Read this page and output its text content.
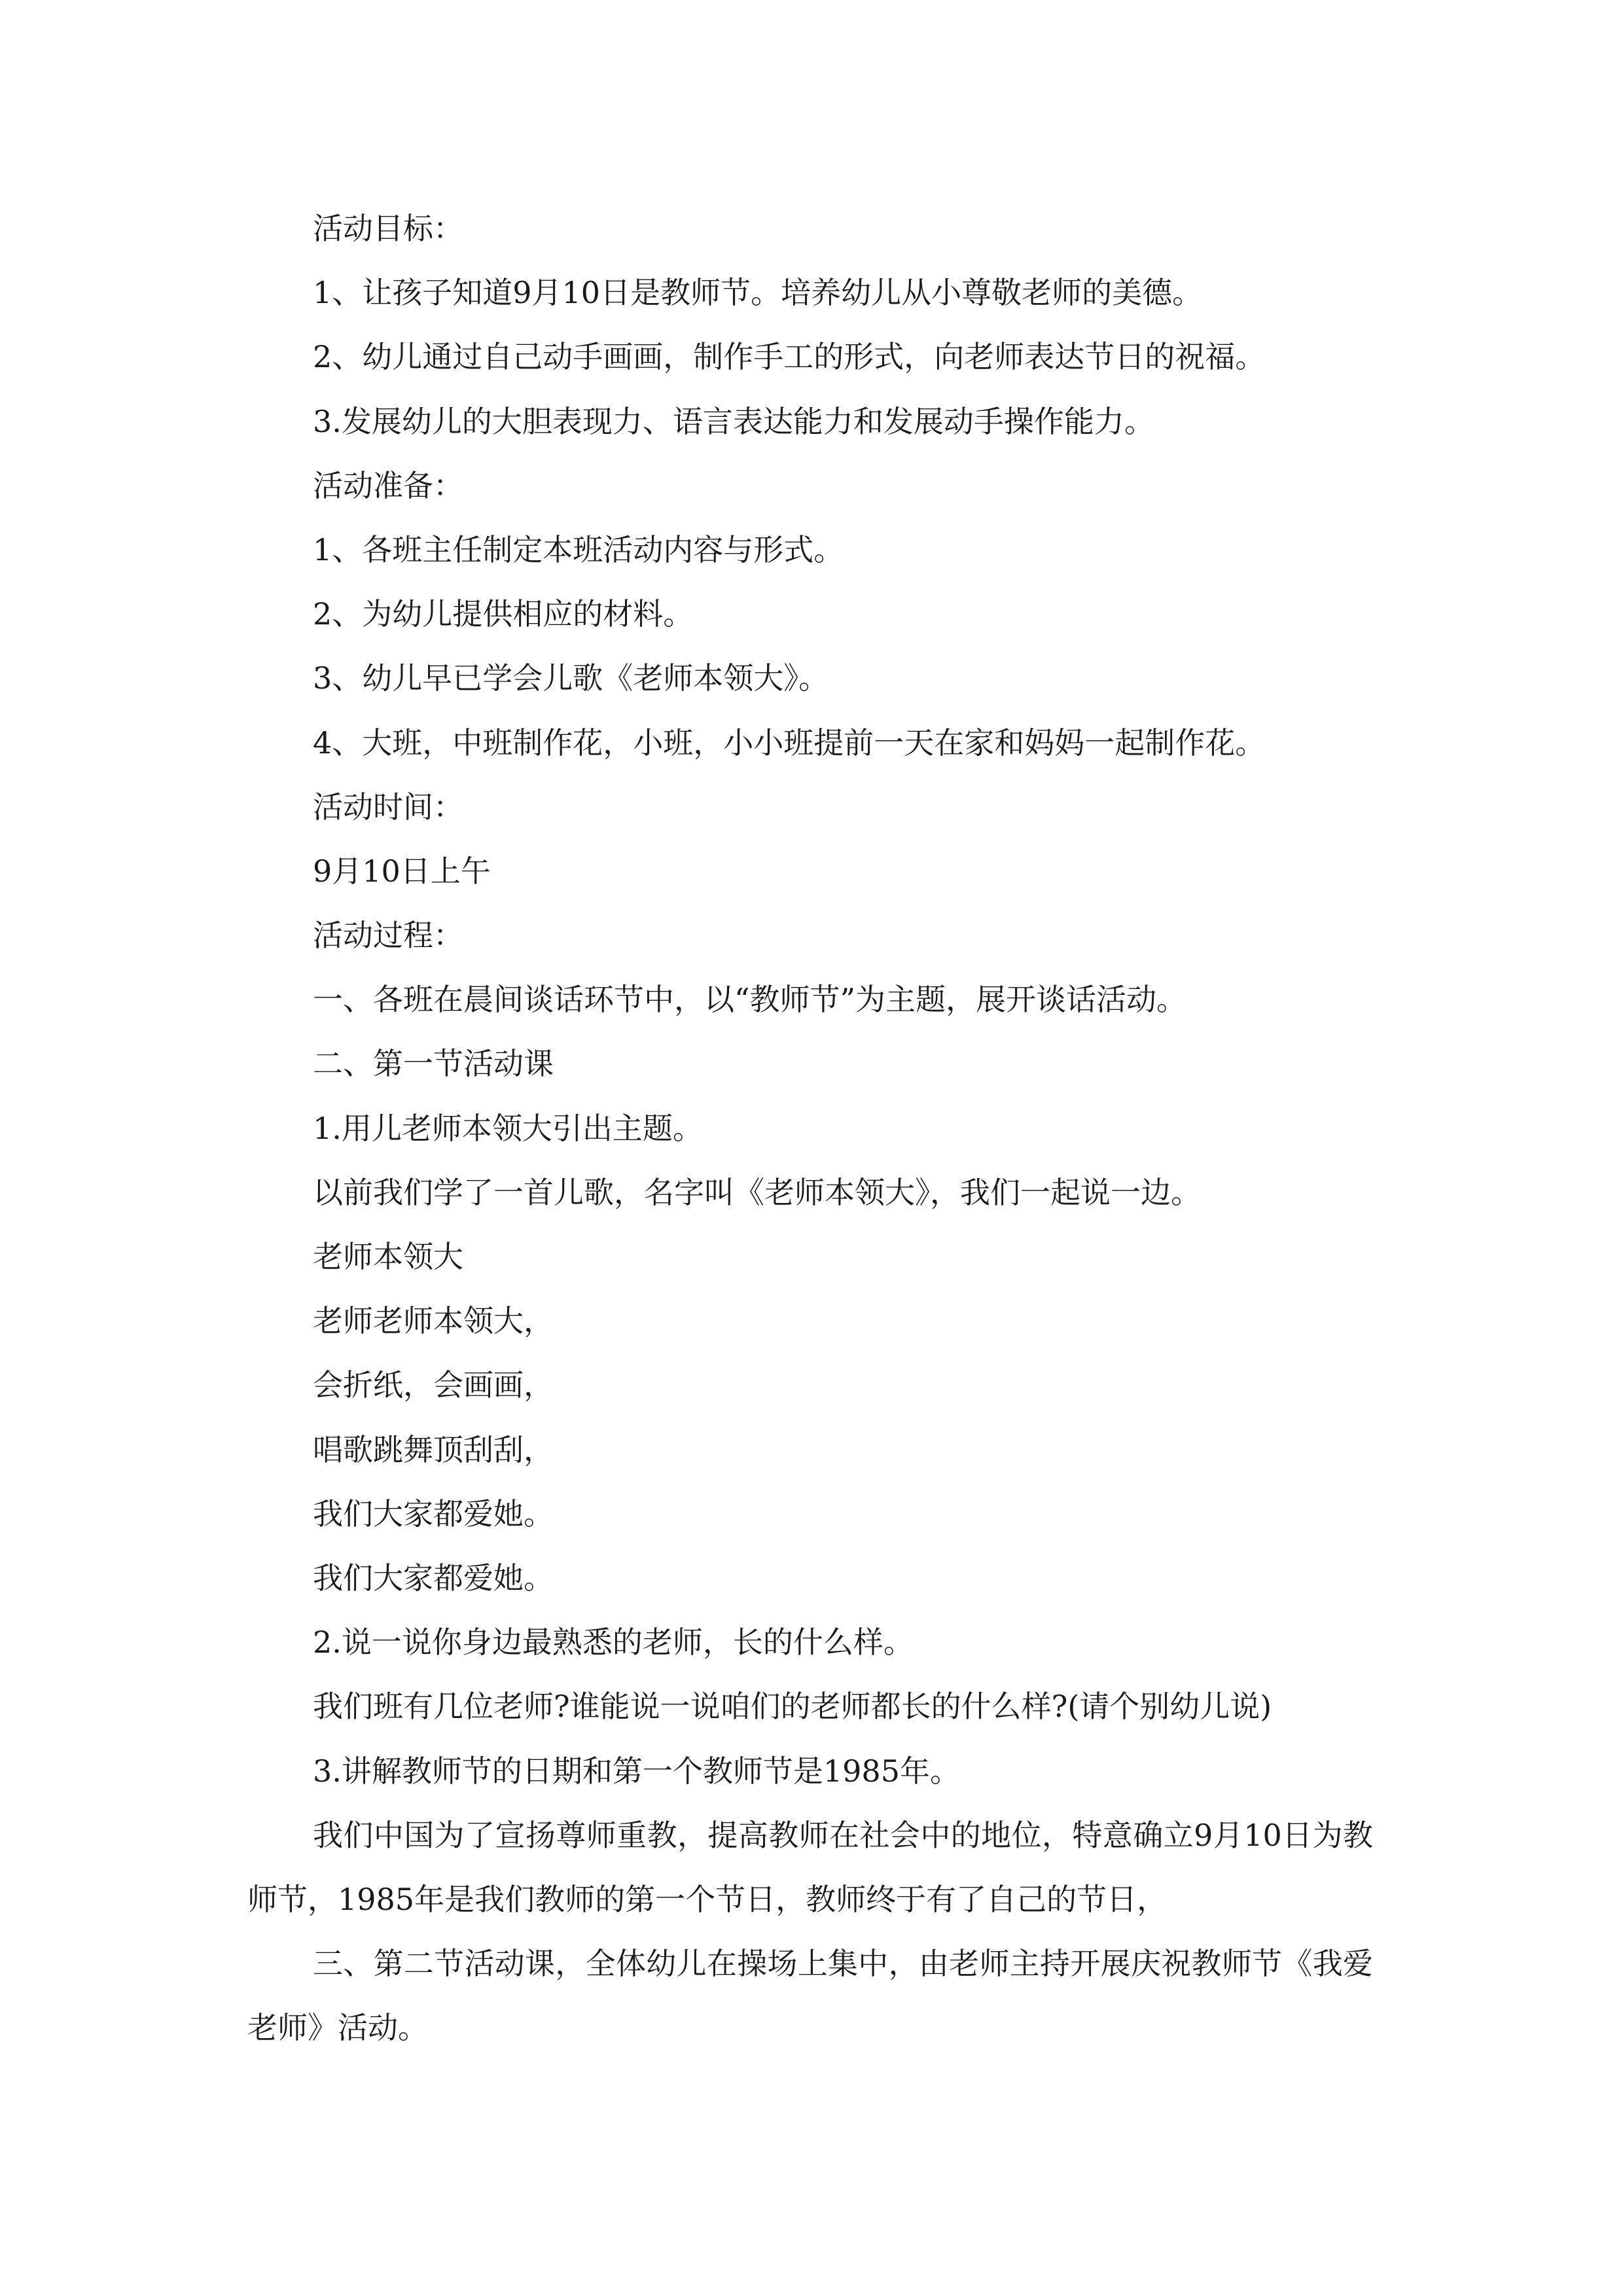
活动目标：
1、让孩子知道9月10日是教师节。培养幼儿从小尊敬老师的美德。
2、幼儿通过自己动手画画，制作手工的形式，向老师表达节日的祝福。
3.发展幼儿的大胆表现力、语言表达能力和发展动手操作能力。
活动准备：
1、各班主任制定本班活动内容与形式。
2、为幼儿提供相应的材料。
3、幼儿早已学会儿歌《老师本领大》。
4、大班，中班制作花，小班，小小班提前一天在家和妈妈一起制作花。
活动时间：
9月10日上午
活动过程：
一、各班在晨间谈话环节中，以“教师节”为主题，展开谈话活动。
二、第一节活动课
1.用儿老师本领大引出主题。
以前我们学了一首儿歌，名字叫《老师本领大》，我们一起说一边。
老师本领大
老师老师本领大，
会折纸，会画画，
唱歌跳舞顶刮刮，
我们大家都爱她。
我们大家都爱她。
2.说一说你身边最熟悉的老师，长的什么样。
我们班有几位老师?谁能说一说咱们的老师都长的什么样?(请个别幼儿说)
3.讲解教师节的日期和第一个教师节是1985年。
我们中国为了宣扬尊师重教，提高教师在社会中的地位，特意确立9月10日为教师节，1985年是我们教师的第一个节日，教师终于有了自己的节日，
三、第二节活动课，全体幼儿在操场上集中，由老师主持开展庆祝教师节《我爱老师》活动。
